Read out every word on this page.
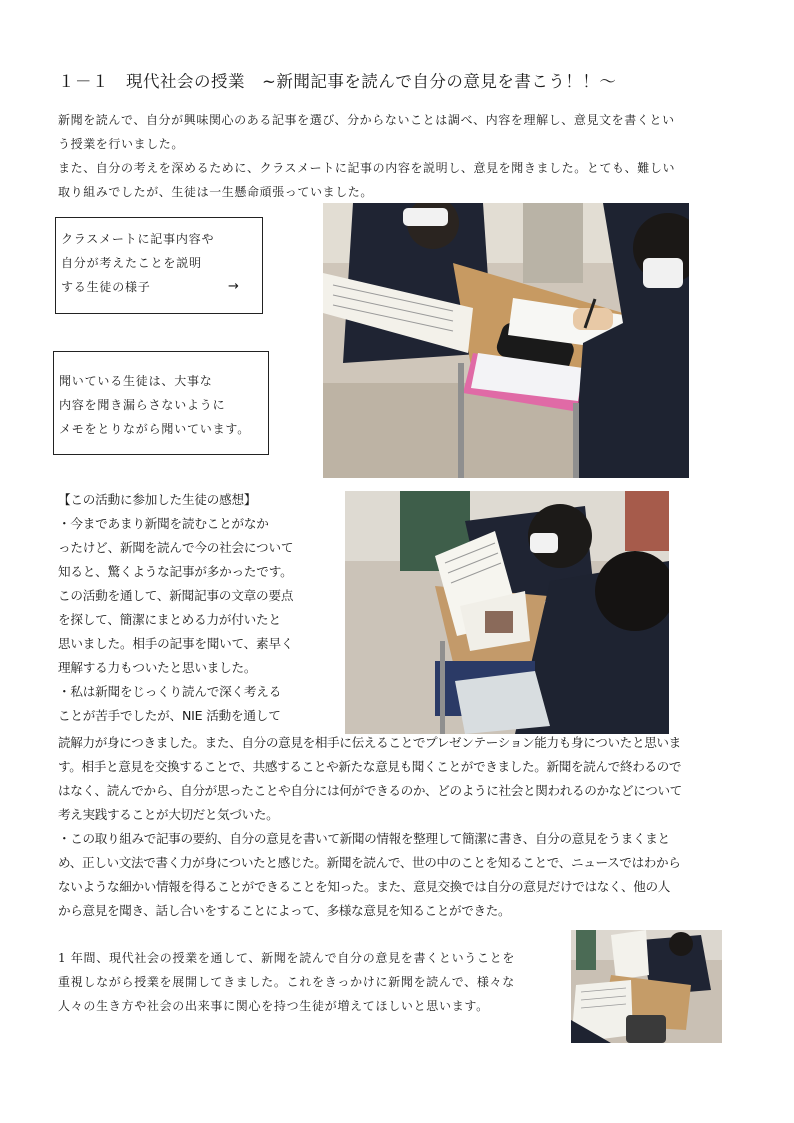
１－１　現代社会の授業　~新聞記事を読んで自分の意見を書こう！！～

新聞を読んで、自分が興味関心のある記事を選び、分からないことは調べ、内容を理解し、意見文を書くとい

う授業を行いました。

また、自分の考えを深めるために、クラスメートに記事の内容を説明し、意見を聞きました。とても、難しい

取り組みでしたが、生徒は一生懸命頑張っていました。

クラスメートに記事内容や
自分が考えたことを説明
する生徒の様子	→
聞いている生徒は、大事な
内容を聞き漏らさないように
メモをとりながら聞いています。
【この活動に参加した生徒の感想】
・今まであまり新聞を読むことがなか
ったけど、新聞を読んで今の社会について
知ると、驚くような記事が多かったです。
この活動を通して、新聞記事の文章の要点
を探して、簡潔にまとめる力が付いたと
思いました。相手の記事を聞いて、素早く
理解する力もついたと思いました。
・私は新聞をじっくり読んで深く考える
ことが苦手でしたが、NIE 活動を通して
読解力が身につきました。また、自分の意見を相手に伝えることでプレゼンテーション能力も身についたと思いま
す。相手と意見を交換することで、共感することや新たな意見も聞くことができました。新聞を読んで終わるので
はなく、読んでから、自分が思ったことや自分には何ができるのか、どのように社会と関われるのかなどについて
考え実践することが大切だと気づいた。
・この取り組みで記事の要約、自分の意見を書いて新聞の情報を整理して簡潔に書き、自分の意見をうまくまと
め、正しい文法で書く力が身についたと感じた。新聞を読んで、世の中のことを知ることで、ニュースではわから
ないような細かい情報を得ることができることを知った。また、意見交換では自分の意見だけではなく、他の人
から意見を聞き、話し合いをすることによって、多様な意見を知ることができた。
1 年間、現代社会の授業を通して、新聞を読んで自分の意見を書くということを
重視しながら授業を展開してきました。これをきっかけに新聞を読んで、様々な
人々の生き方や社会の出来事に関心を持つ生徒が増えてほしいと思います。
